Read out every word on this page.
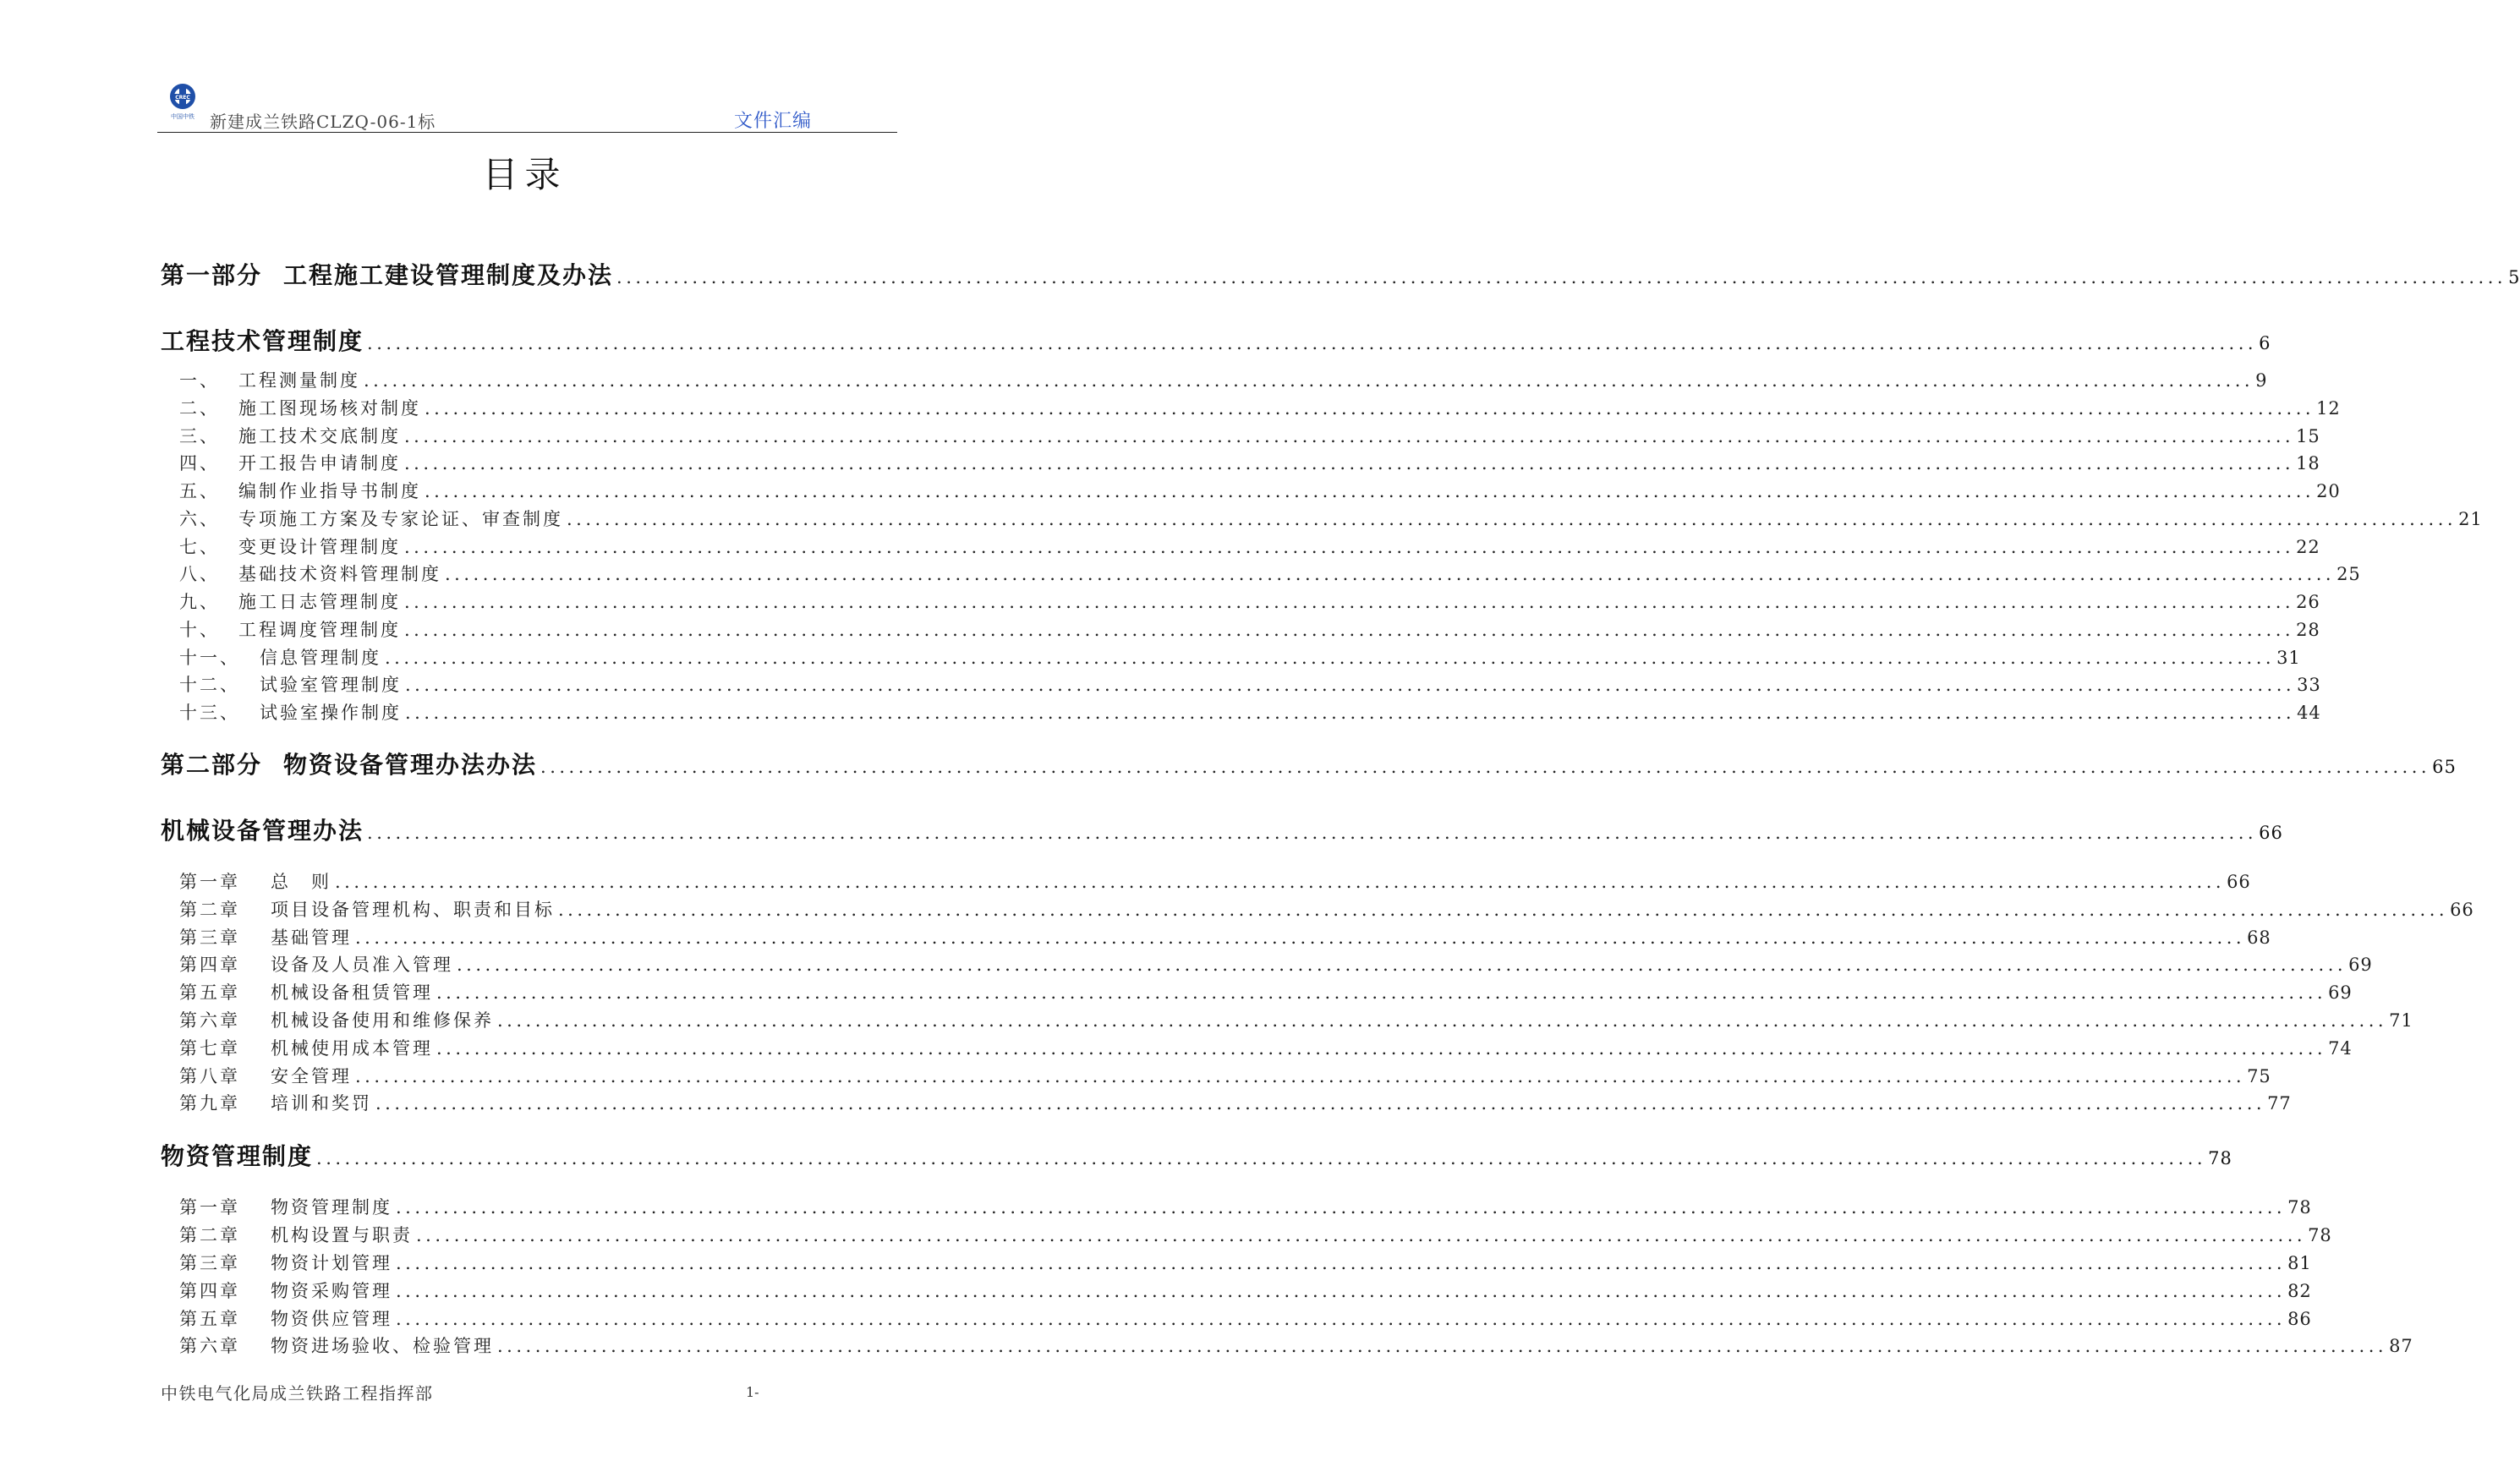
CREC
中国中铁 新建成兰铁路CLZQ-06-1标	文件汇编
目录
第一部分 工程施工建设管理制度及办法 ........................................................................................................................................................................................................ 5
工程技术管理制度 ........................................................................................................................................................................................................ 6
一、 工程测量制度 ........................................................................................................................................................................................................ 9
二、 施工图现场核对制度 ........................................................................................................................................................................................................ 12
三、 施工技术交底制度 ........................................................................................................................................................................................................ 15
四、 开工报告申请制度 ........................................................................................................................................................................................................ 18
五、 编制作业指导书制度 ........................................................................................................................................................................................................ 20
六、 专项施工方案及专家论证、审查制度 ........................................................................................................................................................................................................ 21
七、 变更设计管理制度 ........................................................................................................................................................................................................ 22
八、 基础技术资料管理制度 ........................................................................................................................................................................................................ 25
九、 施工日志管理制度 ........................................................................................................................................................................................................ 26
十、 工程调度管理制度 ........................................................................................................................................................................................................ 28
十一、 信息管理制度 ........................................................................................................................................................................................................ 31
十二、 试验室管理制度 ........................................................................................................................................................................................................ 33
十三、 试验室操作制度 ........................................................................................................................................................................................................ 44
第二部分 物资设备管理办法办法 ........................................................................................................................................................................................................ 65
机械设备管理办法 ........................................................................................................................................................................................................ 66
第一章 总　则 ........................................................................................................................................................................................................ 66
第二章 项目设备管理机构、职责和目标 ........................................................................................................................................................................................................ 66
第三章 基础管理 ........................................................................................................................................................................................................ 68
第四章 设备及人员准入管理 ........................................................................................................................................................................................................ 69
第五章 机械设备租赁管理 ........................................................................................................................................................................................................ 69
第六章 机械设备使用和维修保养 ........................................................................................................................................................................................................ 71
第七章 机械使用成本管理 ........................................................................................................................................................................................................ 74
第八章 安全管理 ........................................................................................................................................................................................................ 75
第九章 培训和奖罚 ........................................................................................................................................................................................................ 77
物资管理制度 ........................................................................................................................................................................................................ 78
第一章 物资管理制度 ........................................................................................................................................................................................................ 78
第二章 机构设置与职责 ........................................................................................................................................................................................................ 78
第三章 物资计划管理 ........................................................................................................................................................................................................ 81
第四章 物资采购管理 ........................................................................................................................................................................................................ 82
第五章 物资供应管理 ........................................................................................................................................................................................................ 86
第六章 物资进场验收、检验管理 ........................................................................................................................................................................................................ 87
中铁电气化局成兰铁路工程指挥部	1-
